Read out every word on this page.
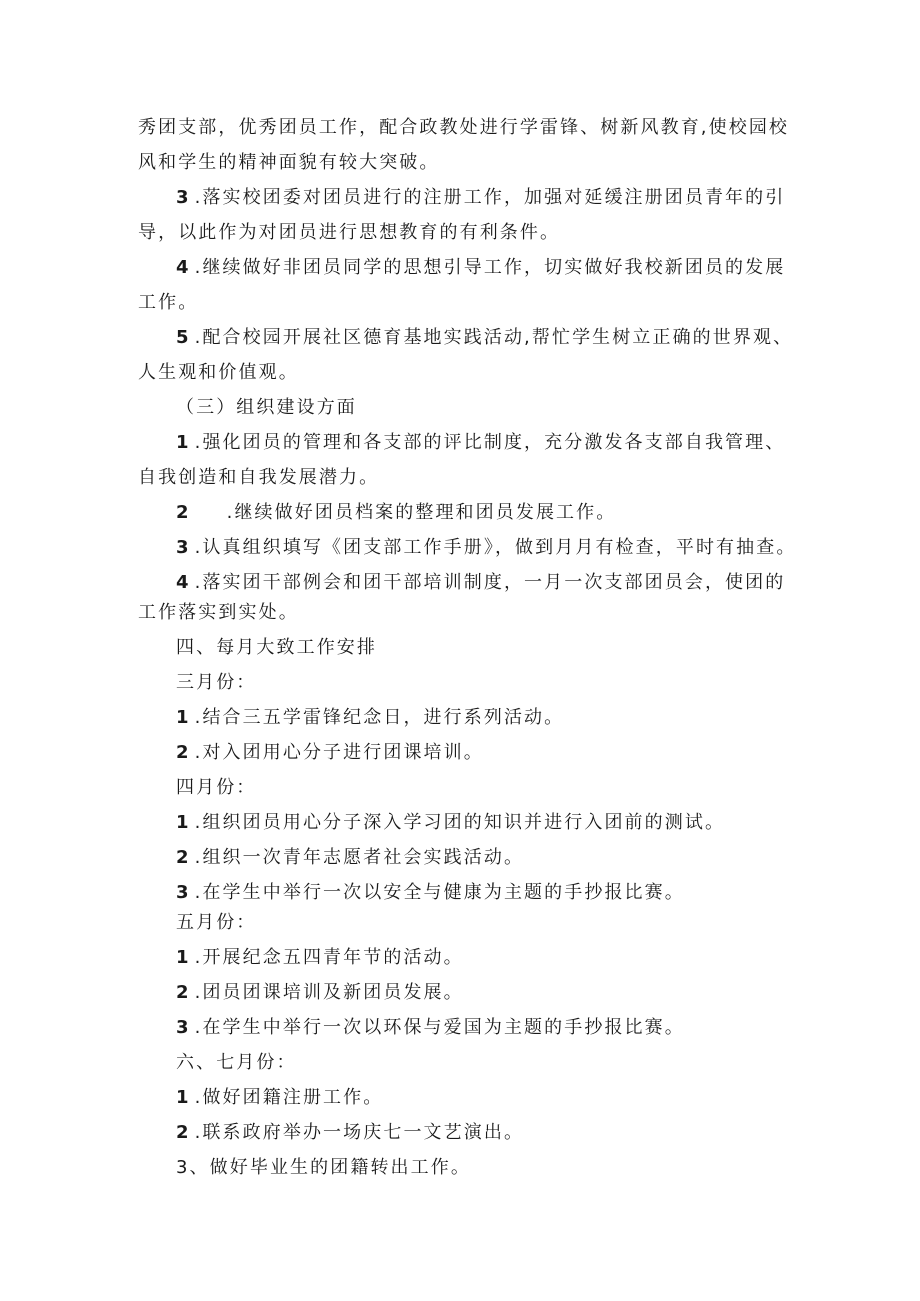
秀团支部，优秀团员工作，配合政教处进行学雷锋、树新风教育,使校园校
风和学生的精神面貌有较大突破。
3 .落实校团委对团员进行的注册工作，加强对延缓注册团员青年的引
导，以此作为对团员进行思想教育的有利条件。
4 .继续做好非团员同学的思想引导工作，切实做好我校新团员的发展
工作。
5 .配合校园开展社区德育基地实践活动,帮忙学生树立正确的世界观、
人生观和价值观。
（三）组织建设方面
1 .强化团员的管理和各支部的评比制度，充分激发各支部自我管理、
自我创造和自我发展潜力。
2 .继续做好团员档案的整理和团员发展工作。
3 .认真组织填写《团支部工作手册》，做到月月有检查，平时有抽查。
4 .落实团干部例会和团干部培训制度，一月一次支部团员会，使团的
工作落实到实处。
四、每月大致工作安排
三月份：
1 .结合三五学雷锋纪念日，进行系列活动。
2 .对入团用心分子进行团课培训。
四月份：
1 .组织团员用心分子深入学习团的知识并进行入团前的测试。
2 .组织一次青年志愿者社会实践活动。
3 .在学生中举行一次以安全与健康为主题的手抄报比赛。
五月份：
1 .开展纪念五四青年节的活动。
2 .团员团课培训及新团员发展。
3 .在学生中举行一次以环保与爱国为主题的手抄报比赛。
六、七月份：
1 .做好团籍注册工作。
2 .联系政府举办一场庆七一文艺演出。
3、做好毕业生的团籍转出工作。
